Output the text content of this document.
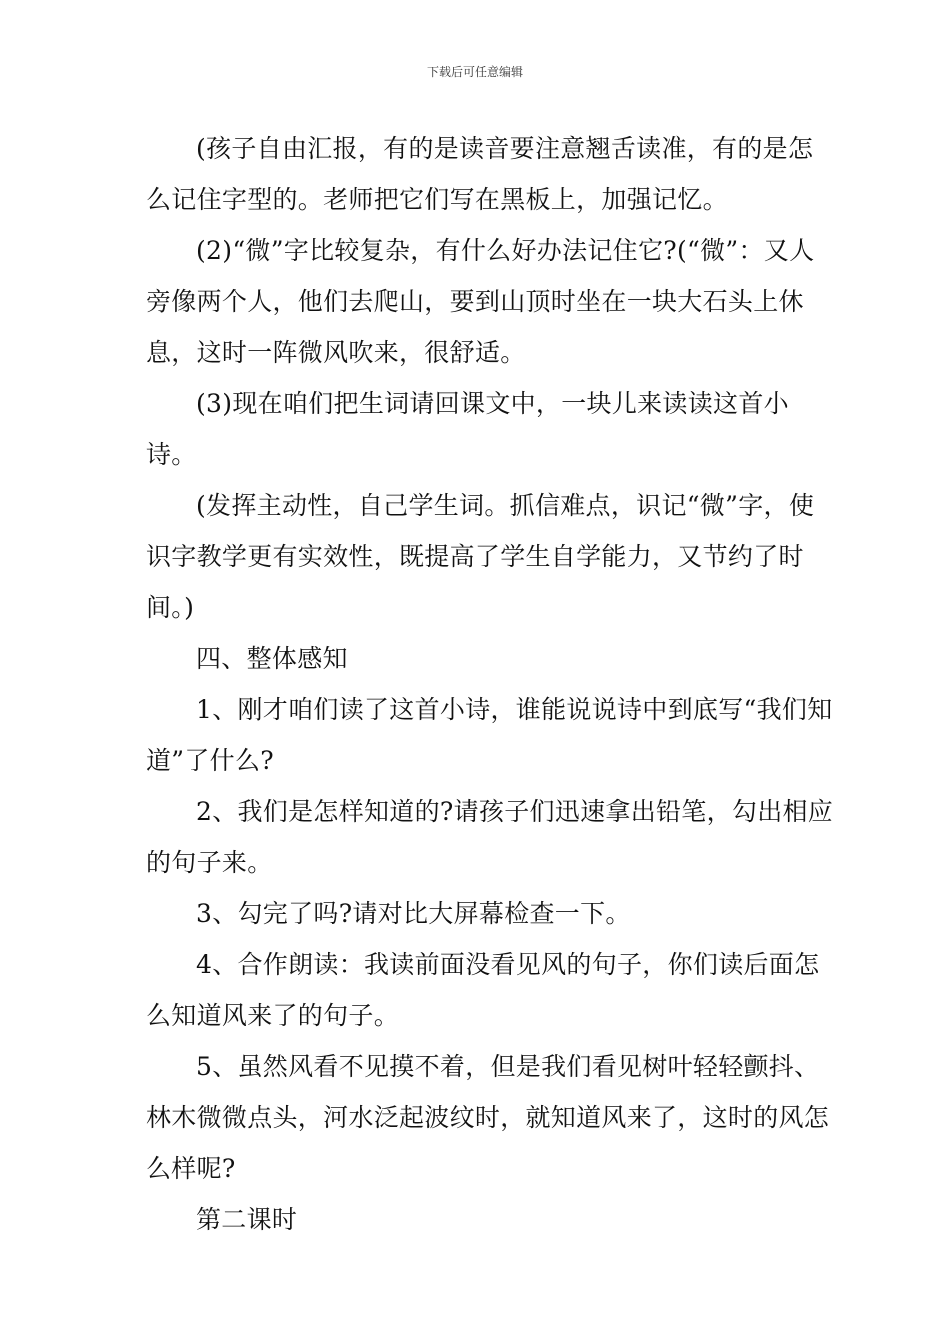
下载后可任意编辑

(孩子自由汇报，有的是读音要注意翘舌读准，有的是怎么记住字型的。老师把它们写在黑板上，加强记忆。

(2)“微”字比较复杂，有什么好办法记住它?(“微”：又人旁像两个人，他们去爬山，要到山顶时坐在一块大石头上休息，这时一阵微风吹来，很舒适。

(3)现在咱们把生词请回课文中，一块儿来读读这首小诗。

(发挥主动性，自己学生词。抓信难点，识记“微”字，使识字教学更有实效性，既提高了学生自学能力，又节约了时间。)

四、整体感知

1、刚才咱们读了这首小诗，谁能说说诗中到底写“我们知道”了什么?

2、我们是怎样知道的?请孩子们迅速拿出铅笔，勾出相应的句子来。

3、勾完了吗?请对比大屏幕检查一下。

4、合作朗读：我读前面没看见风的句子，你们读后面怎么知道风来了的句子。

5、虽然风看不见摸不着，但是我们看见树叶轻轻颤抖、林木微微点头，河水泛起波纹时，就知道风来了，这时的风怎么样呢?

第二课时
